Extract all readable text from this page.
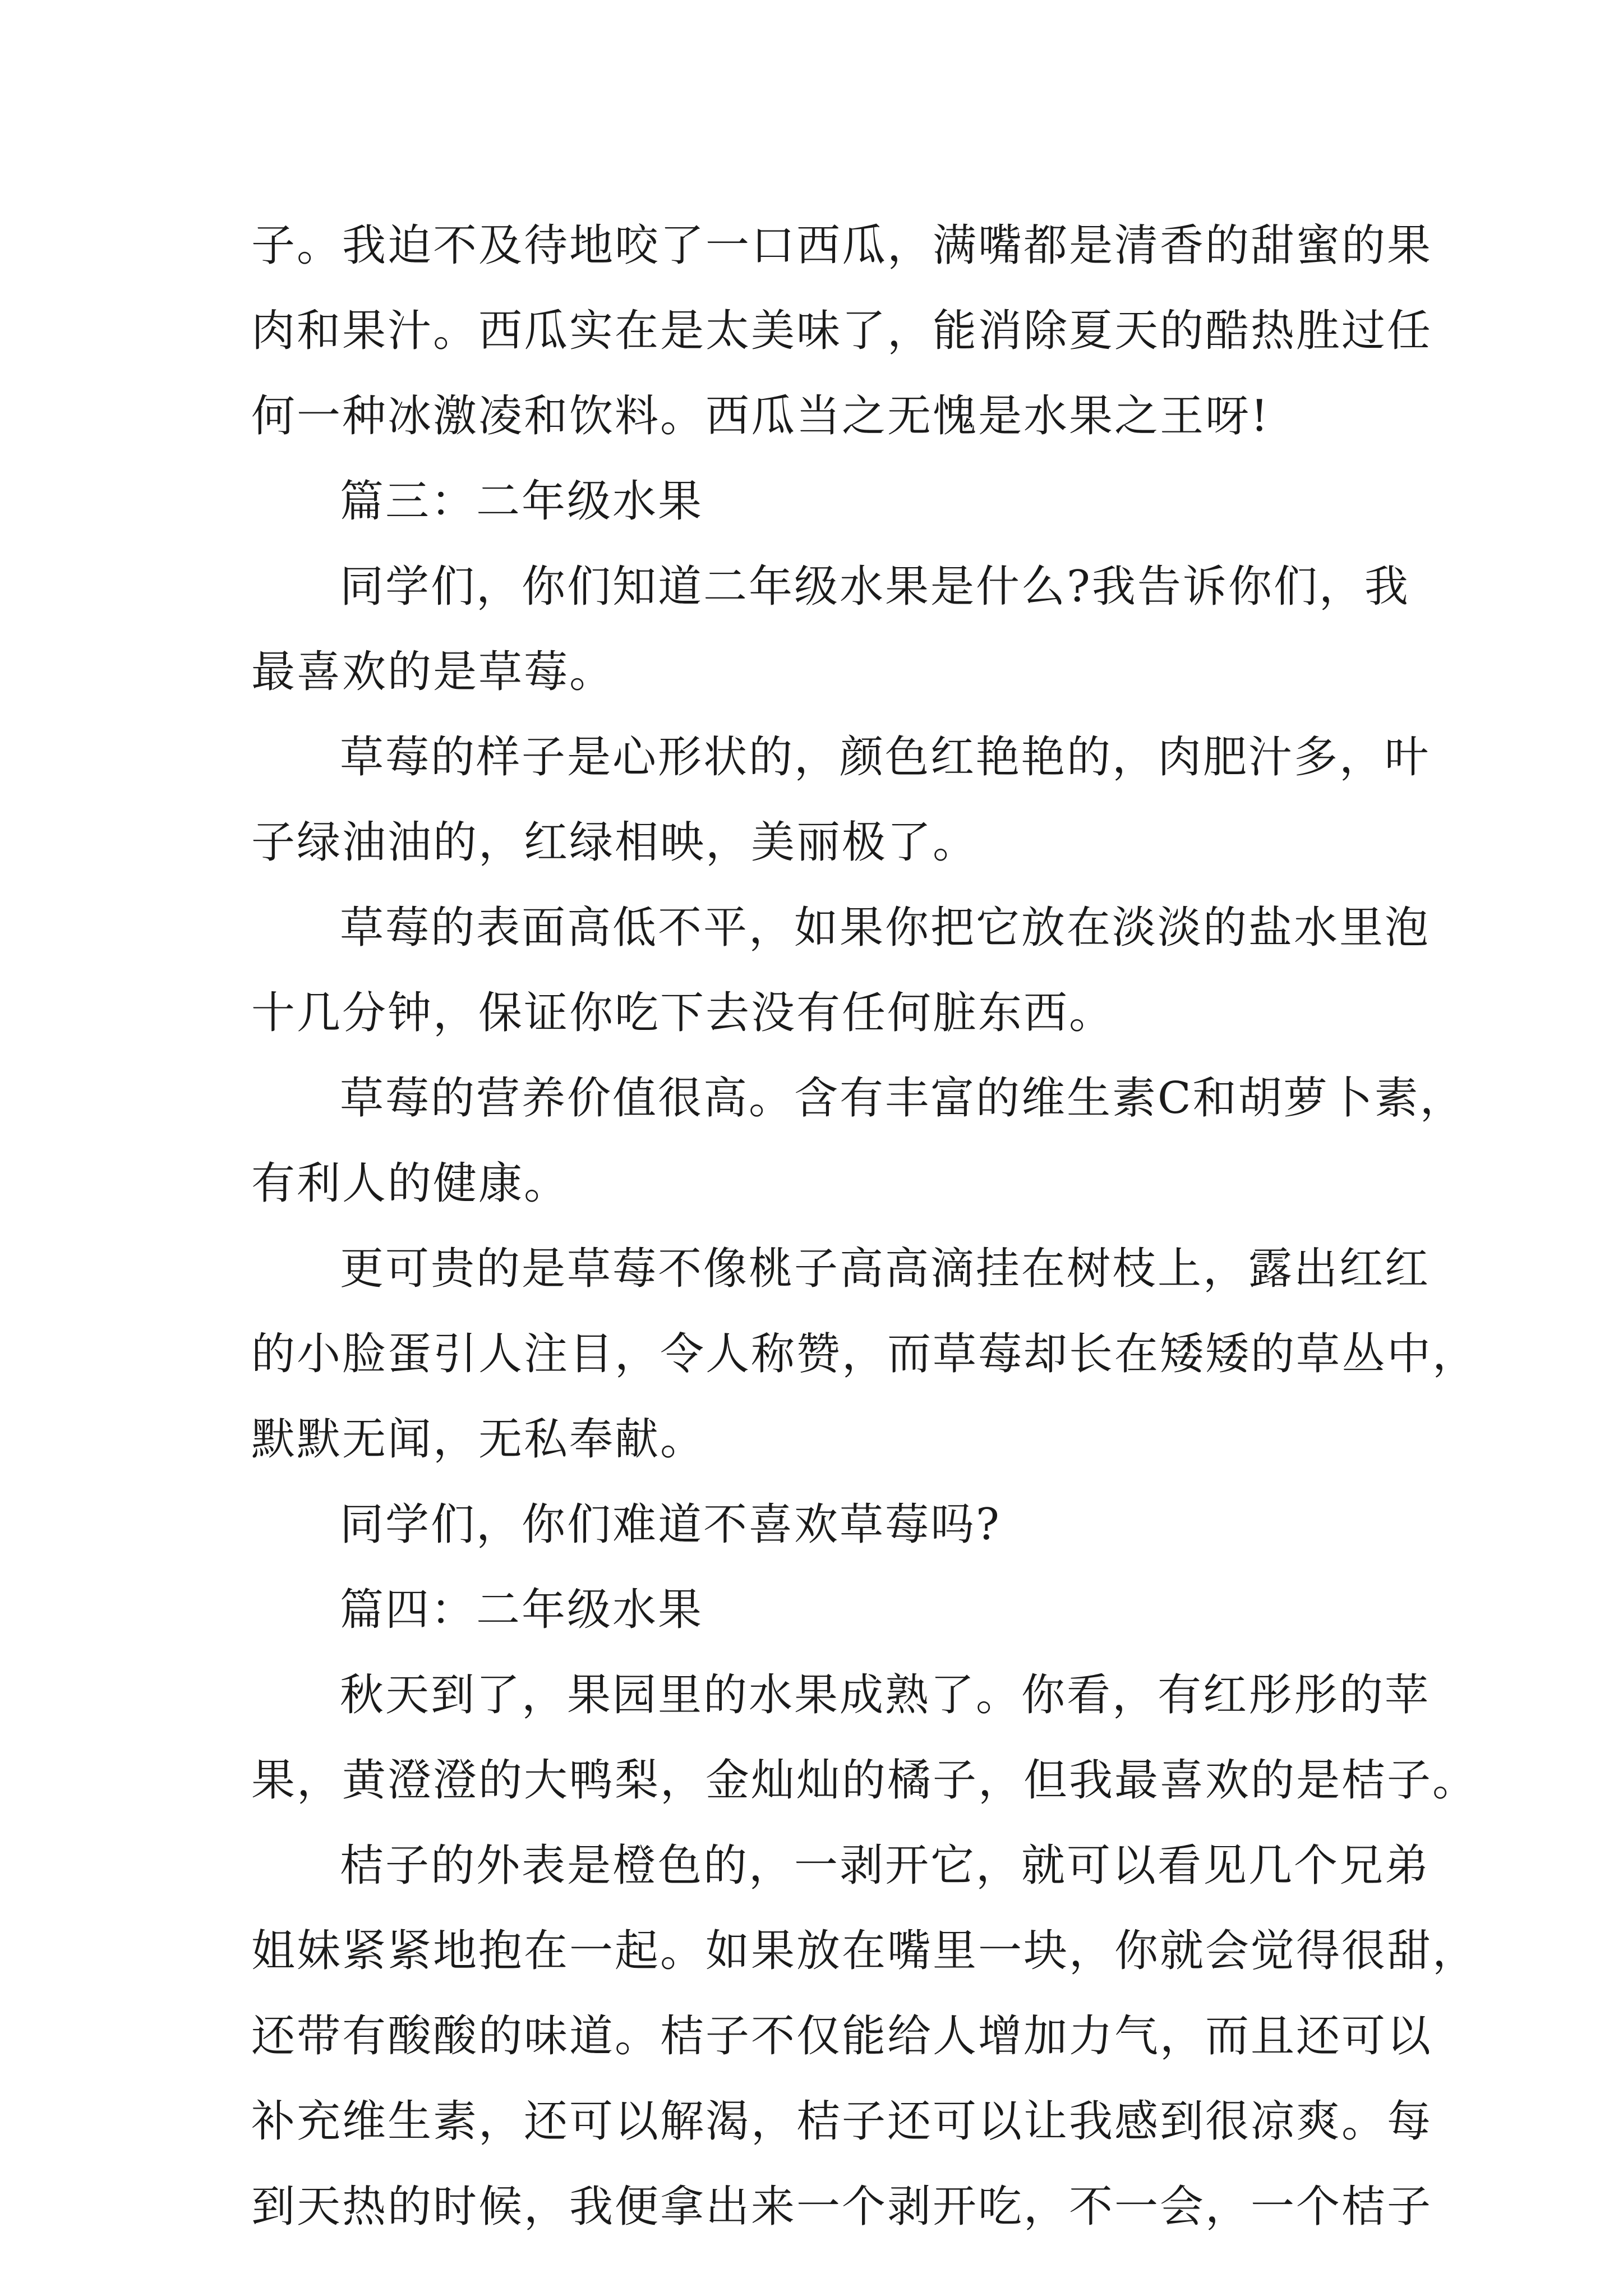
子。我迫不及待地咬了一口西瓜，满嘴都是清香的甜蜜的果
肉和果汁。西瓜实在是太美味了，能消除夏天的酷热胜过任
何一种冰激凌和饮料。西瓜当之无愧是水果之王呀!
篇三：二年级水果
同学们，你们知道二年级水果是什么?我告诉你们，我
最喜欢的是草莓。
草莓的样子是心形状的，颜色红艳艳的，肉肥汁多，叶
子绿油油的，红绿相映，美丽极了。
草莓的表面高低不平，如果你把它放在淡淡的盐水里泡
十几分钟，保证你吃下去没有任何脏东西。
草莓的营养价值很高。含有丰富的维生素C和胡萝卜素，
有利人的健康。
更可贵的是草莓不像桃子高高滴挂在树枝上，露出红红
的小脸蛋引人注目，令人称赞，而草莓却长在矮矮的草丛中，
默默无闻，无私奉献。
同学们，你们难道不喜欢草莓吗?
篇四：二年级水果
秋天到了，果园里的水果成熟了。你看，有红彤彤的苹
果，黄澄澄的大鸭梨，金灿灿的橘子，但我最喜欢的是桔子。
桔子的外表是橙色的，一剥开它，就可以看见几个兄弟
姐妹紧紧地抱在一起。如果放在嘴里一块，你就会觉得很甜，
还带有酸酸的味道。桔子不仅能给人增加力气，而且还可以
补充维生素，还可以解渴，桔子还可以让我感到很凉爽。每
到天热的时候，我便拿出来一个剥开吃，不一会，一个桔子
